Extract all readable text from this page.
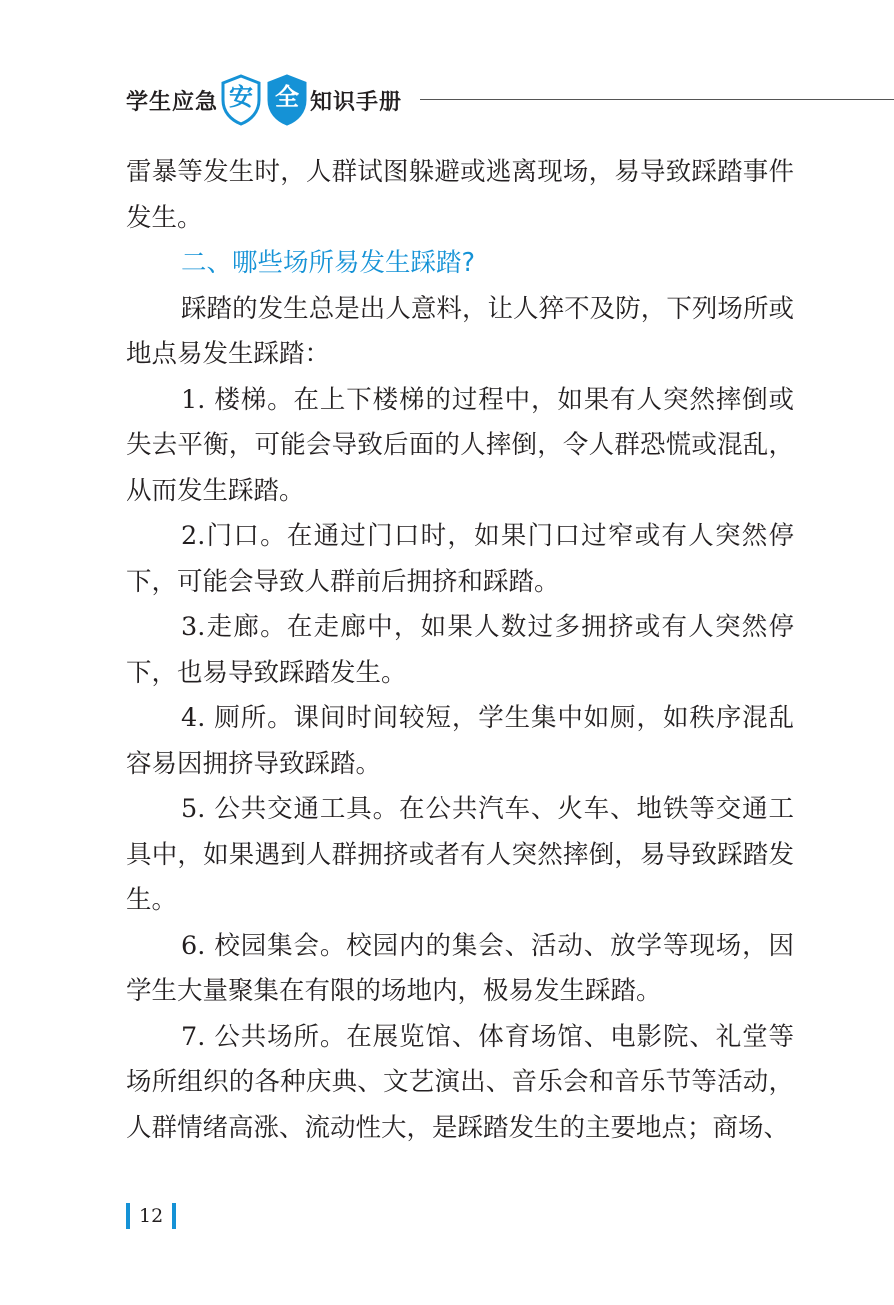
学生应急 安 全 知识手册

雷暴等发生时，人群试图躲避或逃离现场，易导致踩踏事件发生。

二、哪些场所易发生踩踏?

踩踏的发生总是出人意料，让人猝不及防，下列场所或地点易发生踩踏：

1. 楼梯。在上下楼梯的过程中，如果有人突然摔倒或失去平衡，可能会导致后面的人摔倒，令人群恐慌或混乱，从而发生踩踏。

2.门口。在通过门口时，如果门口过窄或有人突然停下，可能会导致人群前后拥挤和踩踏。

3.走廊。在走廊中，如果人数过多拥挤或有人突然停下，也易导致踩踏发生。

4. 厕所。课间时间较短，学生集中如厕，如秩序混乱容易因拥挤导致踩踏。

5. 公共交通工具。在公共汽车、火车、地铁等交通工具中，如果遇到人群拥挤或者有人突然摔倒，易导致踩踏发生。

6. 校园集会。校园内的集会、活动、放学等现场，因学生大量聚集在有限的场地内，极易发生踩踏。

7. 公共场所。在展览馆、体育场馆、电影院、礼堂等场所组织的各种庆典、文艺演出、音乐会和音乐节等活动，人群情绪高涨、流动性大，是踩踏发生的主要地点；商场、

12
